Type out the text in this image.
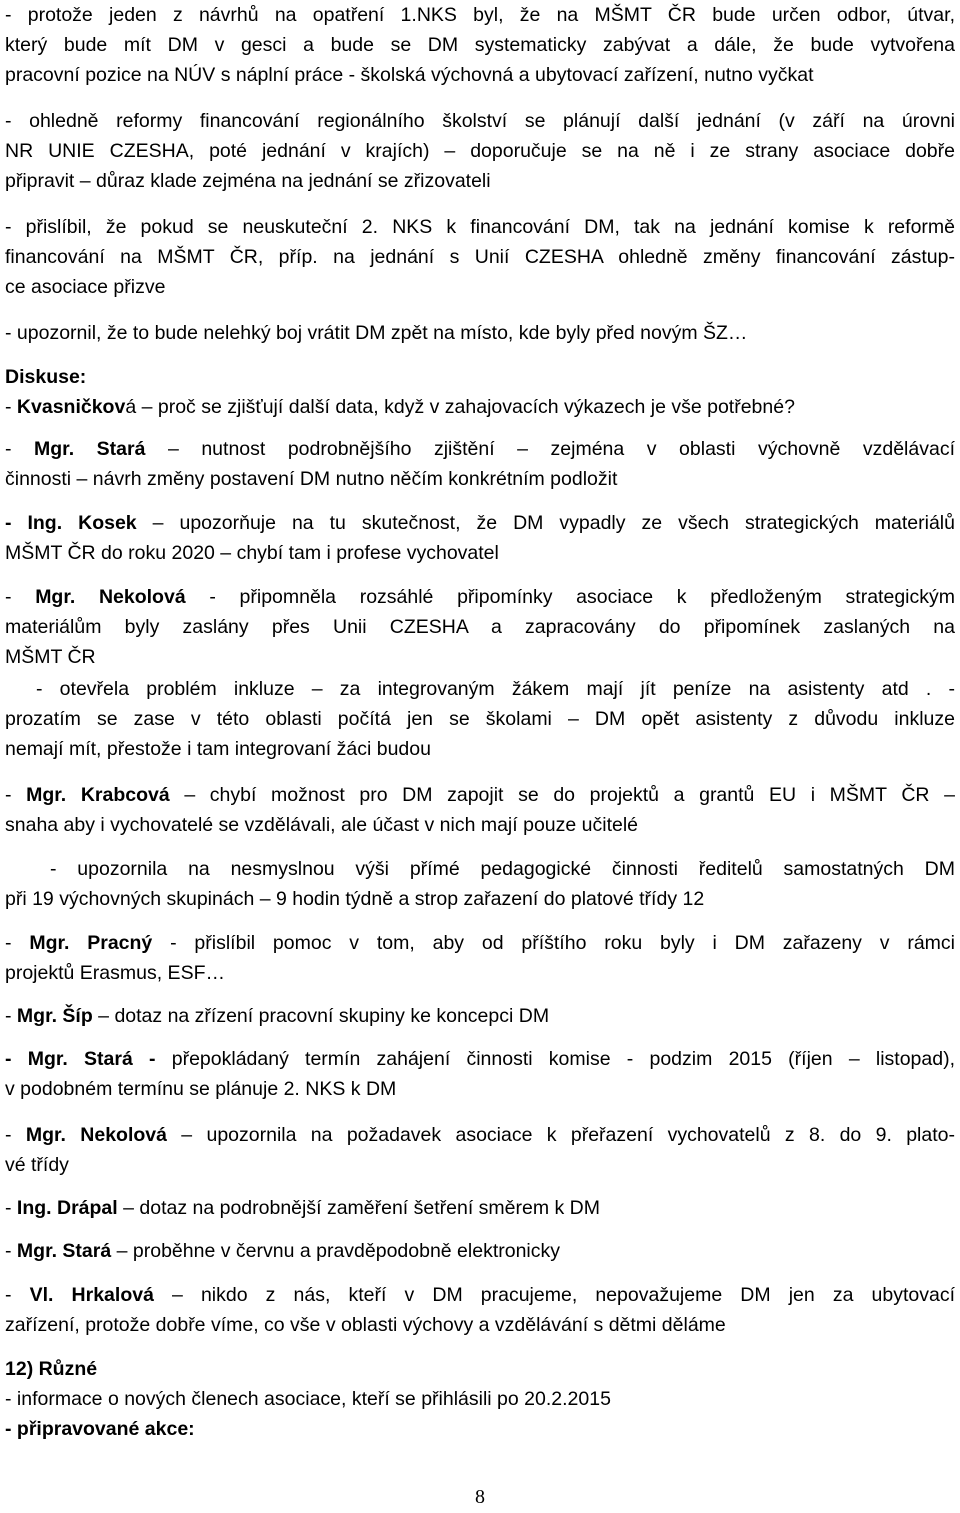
- protože jeden z návrhů na opatření 1.NKS byl, že na MŠMT ČR bude určen odbor, útvar,
který bude mít DM v gesci a bude se DM systematicky zabývat a dále, že bude vytvořena
pracovní pozice na NÚV s náplní práce - školská výchovná a ubytovací zařízení, nutno vyčkat
- ohledně reformy financování regionálního školství se plánují další jednání (v září na úrovni
NR UNIE CZESHA, poté jednání v krajích) – doporučuje se na ně i ze strany asociace dobře
připravit – důraz klade zejména na jednání se zřizovateli
- přislíbil, že pokud se neuskuteční 2. NKS k financování DM, tak na jednání komise k reformě
financování na MŠMT ČR, příp. na jednání s Unií CZESHA ohledně změny financování zástup-
ce asociace přizve
- upozornil, že to bude nelehký boj vrátit DM zpět na místo, kde byly před novým ŠZ…
Diskuse:
- Kvasničková – proč se zjišťují další data, když v zahajovacích výkazech je vše potřebné?
- Mgr. Stará – nutnost podrobnějšího zjištění – zejména v oblasti výchovně vzdělávací
činnosti – návrh změny postavení DM nutno něčím konkrétním podložit
- Ing. Kosek – upozorňuje na tu skutečnost, že DM vypadly ze všech strategických materiálů
MŠMT ČR do roku 2020 – chybí tam i profese vychovatel
- Mgr. Nekolová - připomněla rozsáhlé připomínky asociace k předloženým strategickým
materiálům byly zaslány přes Unii CZESHA a zapracovány do připomínek zaslaných na
MŠMT ČR
- otevřela problém inkluze – za integrovaným žákem mají jít peníze na asistenty atd . -
prozatím se zase v této oblasti počítá jen se školami – DM opět asistenty z důvodu inkluze
nemají mít, přestože i tam integrovaní žáci budou
- Mgr. Krabcová – chybí možnost pro DM zapojit se do projektů a grantů EU i MŠMT ČR –
snaha aby i vychovatelé se vzdělávali, ale účast v nich mají pouze učitelé
- upozornila na nesmyslnou výši přímé pedagogické činnosti ředitelů samostatných DM
při 19 výchovných skupinách – 9 hodin týdně a strop zařazení do platové třídy 12
- Mgr. Pracný - přislíbil pomoc v tom, aby od příštího roku byly i DM zařazeny v rámci
projektů Erasmus, ESF…
- Mgr. Šíp – dotaz na zřízení pracovní skupiny ke koncepci DM
- Mgr. Stará - přepokládaný termín zahájení činnosti komise - podzim 2015 (říjen – listopad),
v podobném termínu se plánuje 2. NKS k DM
- Mgr. Nekolová – upozornila na požadavek asociace k přeřazení vychovatelů z 8. do 9. plato-
vé třídy
- Ing. Drápal – dotaz na podrobnější zaměření šetření směrem k DM
- Mgr. Stará – proběhne v červnu a pravděpodobně elektronicky
- Vl. Hrkalová – nikdo z nás, kteří v DM pracujeme, nepovažujeme DM jen za ubytovací
zařízení, protože dobře víme, co vše v oblasti výchovy a vzdělávání s dětmi děláme
12) Různé
- informace o nových členech asociace, kteří se přihlásili po 20.2.2015
- připravované akce:
8
